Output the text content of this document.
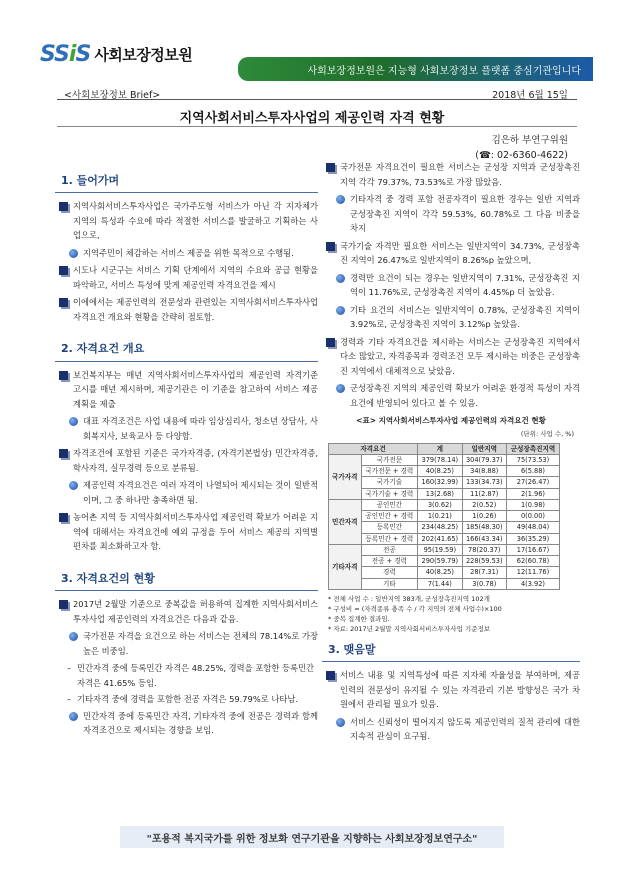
SSiS 사회보장정보원
사회보장정보원은 지능형 사회보장정보 플랫폼 중심기관입니다
<사회보장정보 Brief>	2018년 6월 15일
지역사회서비스투자사업의 제공인력 자격 현황
김은하 부연구위원
(☎: 02-6360-4622)
1. 들어가며
지역사회서비스투자사업은 국가주도형 서비스가 아닌 각 지자체가 지역의 특성과 수요에 따라 적절한 서비스를 발굴하고 기획하는 사업으로,
지역주민이 체감하는 서비스 제공을 위한 목적으로 수행됨.
시도나 시군구는 서비스 기획 단계에서 지역의 수요와 공급 현황을 파악하고, 서비스 특성에 맞게 제공인력 자격요건을 제시
이에에서는 제공인력의 전문성과 관련있는 지역사회서비스투자사업 자격요건 개요와 현황을 간략히 점토함.
2. 자격요건 개요
보건복지부는 매년 지역사회서비스투자사업의 제공인력 자격기준 고시를 매년 제시하며, 제공기관은 이 기준을 참고하여 서비스 제공 계획을 제출
대표 자격조건은 사업 내용에 따라 임상심리사, 청소년 상담사, 사회복지사, 보육교사 등 다양함.
자격조건에 포함된 기준은 국가자격증, (자격기본법상) 민간자격증, 학사자격, 실무경력 등으로 분류됨.
제공인력 자격요건은 여러 자격이 나열되어 제시되는 것이 일반적이며, 그 중 하나만 충족하면 됨.
농어촌 지역 등 지역사회서비스투자사업 제공인력 확보가 어려운 지역에 대해서는 자격요건에 예외 규정을 두어 서비스 제공의 지역별 편차를 최소화하고자 함.
3. 자격요건의 현황
2017년 2월말 기준으로 중복값을 허용하여 집계한 지역사회서비스투자사업 제공인력의 자격요건은 다음과 같음.
국가전문 자격을 요건으로 하는 서비스는 전체의 78.14%로 가장 높은 비중임.
– 민간자격 중에 등록민간 자격은 48.25%, 경력을 포함한 등록민간 자격은 41.65% 등임.
– 기타자격 중에 경력을 포함한 전공 자격은 59.79%로 나타남.
민간자격 중에 등록민간 자격, 기타자격 중에 전공은 경력과 함께 자격조건으로 제시되는 경향을 보임.
국가전문 자격요건이 필요한 서비스는 군성장 지역과 군성장촉진 지역 각각 79.37%, 73.53%로 가장 많았음.
기타자격 중 경력 포함 전공자격이 필요한 경우는 일반 지역과 군성장촉진 지역이 각각 59.53%, 60.78%로 그 다음 비중을 차지
국가기술 자격만 필요한 서비스는 일반지역이 34.73%, 군성장촉진 지역이 26.47%로 일반지역이 8.26%p 높았으며,
경력만 요건이 되는 경우는 일반지역이 7.31%, 군성장촉진 지역이 11.76%로, 군성장촉진 지역이 4.45%p 더 높았음.
기타 요건의 서비스는 일반지역이 0.78%, 군성장촉진 지역이 3.92%로, 군성장촉진 지역이 3.12%p 높았음.
경력과 기타 자격요건을 제시하는 서비스는 군성장촉진 지역에서 다소 많았고, 자격종목과 경력조건 모두 제시하는 비중은 군성장촉진 지역에서 대체적으로 낮았음.
군성장촉진 지역의 제공인력 확보가 어려운 환경적 특성이 자격요건에 반영되어 있다고 볼 수 있음.
<표> 지역사회서비스투자사업 제공인력의 자격요건 현황
(단위: 사업 수, %)
자격요건		계	일반지역	군성장촉진지역
국가자격	국가전문	379(78.14)	304(79.37)	75(73.53)
	국가전문 + 경력	40(8.25)	34(8.88)	6(5.88)
	국가기술	160(32.99)	133(34.73)	27(26.47)
	국가기술 + 경력	13(2.68)	11(2.87)	2(1.96)
민간자격	공인민간	3(0.62)	2(0.52)	1(0.98)
	공인민간 + 경력	1(0.21)	1(0.26)	0(0.00)
	등록민간	234(48.25)	185(48.30)	49(48.04)
	등록민간 + 경력	202(41.65)	166(43.34)	36(35.29)
기타자격	전공	95(19.59)	78(20.37)	17(16.67)
	전공 + 경력	290(59.79)	228(59.53)	62(60.78)
	경력	40(8.25)	28(7.31)	12(11.76)
	기타	7(1.44)	3(0.78)	4(3.92)
* 전체 사업 수 : 일반지역 383개, 군성장촉진지역 102개
* 구성비 = (자격종류 충족 수 / 각 지역의 전체 사업수)×100
* 중복 집계한 결과임.
* 자료: 2017년 2월말 지역사회서비스투자사업 기준정보
3. 맺음말
서비스 내용 및 지역특성에 따른 지자체 자율성을 부여하며, 제공인력의 전문성이 유지될 수 있는 자격관리 기본 방향성은 국가 차원에서 관리될 필요가 있음.
서비스 신뢰성이 떨어지지 않도록 제공인력의 질적 관리에 대한 지속적 관심이 요구됨.
"포용적 복지국가를 위한 정보화 연구기관을 지향하는 사회보장정보연구소"
